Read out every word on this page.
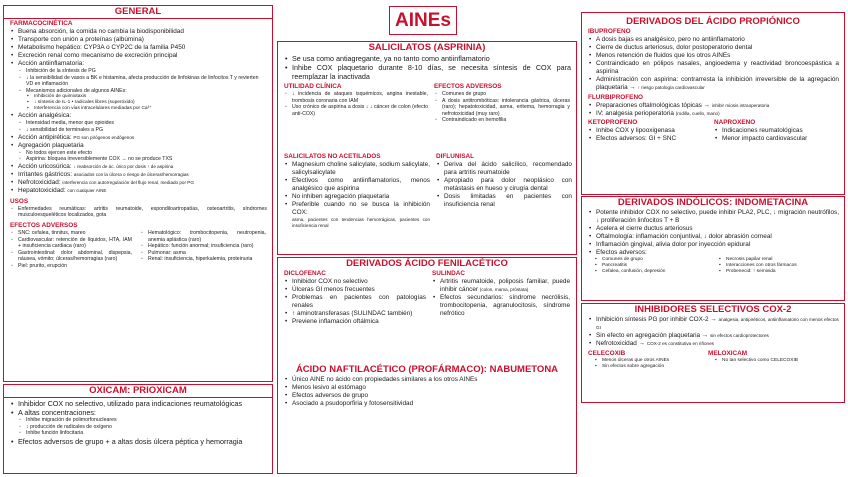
GENERAL
FARMACOCINÉTICA
• Buena absorción, la comida no cambia la biodisponibilidad
• Transporte con unión a proteínas (albúmina)
• Metabolismo hepático: CYP3A o CYP2C de la familia P450
• Excreción renal como mecanismo de excreción principal
• Acción antiinflamatoria:
◦ Inhibición de la síntesis de PG
◦ ↓ la sensibilidad de vasos a BK e histamina, afecta producción de linfokinas de linfocitos T y revierten VD en inflamación
◦ Mecanismos adicionales de algunos AINEs:
▪ Inhibición de quimiotaxis
▪ ↓ síntesis de IL-1 • radicales libres (superóxido)
▪ Interferencia con vías intracelulares mediadas por Ca²⁺
• Acción analgésica:
◦ Intensidad media, menor que opioides
◦ ↓ sensibilidad de terminales a PG
• Acción antipirética: PG son pirógenos endógenos
• Agregación plaquetaria
◦ No todos ejercen este efecto
◦ Aspirina: bloquea irreversiblemente COX → no se produce TXS
• Acción uricosúrica: ↓ reabsorción de ác. úrico por dosis ↑ de aspirina
• Irritantes gástricos: asociados con la úlcera o riesgo de úlceras/hemorragias
• Nefrotoxicidad: interferencia con autorregulación del flujo renal, mediado por PG
• Hepatotoxicidad: con cualquier AINE
USOS
◦ Enfermedades reumáticas: artritis reumatoide, espondiloartropatías, osteoartritis, síndromes musculoesqueléticos localizados, gota
EFECTOS ADVERSOS
◦ SNC: cefalea, tinnitus, mareo
◦ Cardiovascular: retención de líquidos, HTA, IAM + insuficiencia cardiaca (raro)
◦ Gastrointestinal: dolor abdominal, dispepsia, náusea, vómito; úlceras/hemorragias (raro)
◦ Piel: prurito, erupción
◦ Hematológico: trombocitopenia, neutropenia, anemia aplástica (raro)
◦ Hepático: función anormal; insuficiencia (raro)
◦ Pulmonar: asma
◦ Renal: insuficiencia, hiperkalemia, proteinuria
OXICAM: PRIOXICAM
• Inhibidor COX no selectivo, utilizado para indicaciones reumatológicas
• A altas concentraciones:
◦ Inhibe migración de polimorfonucleares
◦ ↓ producción de radicales de oxígeno
◦ Inhibe función linfocitaria
• Efectos adversos de grupo + a altas dosis úlcera péptica y hemorragia
AINEs
SALICILATOS (ASPRINIA)
• Se usa como antiagregante, ya no tanto como antiinflamatorio
• Inhibe COX plaquetario durante 8-10 días, se necesita síntesis de COX para reemplazar la inactivada
UTILIDAD CLÍNICA
◦ ↓ incidencia de ataques isquémicos, angina inestable, trombosis coronaria con IAM
◦ Uso crónico de aspirina a dosis ↓ ↓ cáncer de colon (efecto anti-COX)
EFECTOS ADVERSOS
◦ Comunes de grupo
◦ A dosis antitrombóticas: intolerancia gástrica, úlceras (raro); hepatotoxicidad, asma, eritema, hemorragia y nefrotoxicidad (muy raro)
◦ Contraindicado en hemofilia
SALICILATOS NO ACETILADOS
• Magnesium choline salicylate, sodium salicylate, salicylsalicylate
• Efectivos como antiinflamatorios, menos analgésico que aspirina
• No inhiben agregación plaquetaria
• Preferible cuando no se busca la inhibición COX:
asma, pacientes con tendencias hemorrágicas, pacientes con insuficiencia renal
DIFLUNISAL
• Deriva del ácido salicílico, recomendado para artritis reumatoide
• Apropiado para dolor neoplásico con metástasis en hueso y cirugía dental
• Dosis limitadas en pacientes con insuficiencia renal
DERIVADOS ÁCIDO FENILACÉTICO
DICLOFENAC
• Inhibidor COX no selectivo
• Úlceras GI menos frecuentes
• Problemas en pacientes con patologías renales
• ↑ aminotransferasas (SULINDAC también)
• Previene inflamación oftálmica
SULINDAC
• Artritis reumatoide, poliposis familiar, puede inhibir cáncer (colon, mama, próstata)
• Efectos secundarios: síndrome necrólisis, trombocitopenia, agranulocitosis, síndrome nefrótico
ÁCIDO NAFTILACÉTICO (PROFÁRMACO): NABUMETONA
• Único AINE no ácido con propiedades similares a los otros AINEs
• Menos lesivo al estómago
• Efectos adversos de grupo
• Asociado a psudoporfiria y fotosensitividad
DERIVADOS DEL ÁCIDO PROPIÓNICO
IBUPROFENO
• A dosis bajas es analgésico, pero no antiinflamatorio
• Cierre de ductus arteriosus, dolor postoperatorio dental
• Menos retención de fluidos que los otros AINEs
• Contraindicado en pólipos nasales, angioedema y reactividad broncoespástica a aspirina
• Administración con aspirina: contrarresta la inhibición irreversible de la agregación plaquetaria → ↑ riesgo patología cardiovascular
FLURBIPROFENO
• Preparaciones oftalmológicas tópicas → inhibir miosis intraoperatoria
• IV: analgesia perioperatoria (rodilla, cuello, mano)
KETOPROFENO
• Inhibe COX y lipooxigenasa
• Efectos adversos: GI + SNC
NAPROXENO
• Indicaciones reumatológicas
• Menor impacto cardiovascular
DERIVADOS INDÓLICOS: INDOMETACINA
• Potente inhibidor COX no selectivo, puede inhibir PLA2, PLC, ↓ migración neutrófilos, ↓ proliferación linfocitos T + B
• Acelera el cierre ductus arteriosus
• Oftalmología: inflamación conjuntival, ↓ dolor abrasión corneal
• Inflamación gingival, alivia dolor por inyección epidural
• Efectos adversos:
▪ Comunes de grupo
▪ Pancreatitis
▪ Cefalea, confusión, depresión
▪ Necrosis papilar renal
▪ Interacciones con otros fármacos
▪ Probenecid: ↑ semivida
INHIBIDORES SELECTIVOS COX-2
• Inhibición síntesis PG por inhibir COX-2 → analgesia, antipiréticos, antiinflamatorio con menos efectos GI
• Sin efecto en agregación plaquetaria → sin efectos cardioprotectores
• Nefrotoxicidad → COX-2 es constitutiva en riñones
CELECOXIB
▪ Menos úlceras que otros AINEs
▪ Sin efectos sobre agregación
MELOXICAM
▪ No tan selectivo como CELECOXIB
